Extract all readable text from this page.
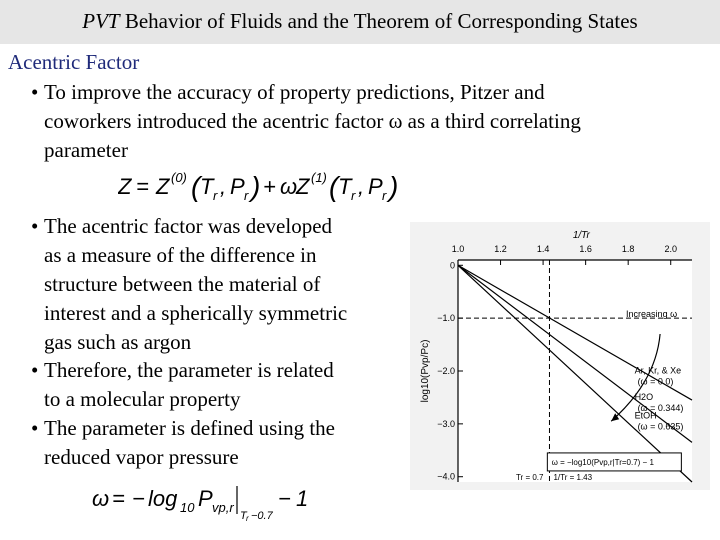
PVT Behavior of Fluids and the Theorem of Corresponding States
Acentric Factor
• To improve the accuracy of property predictions, Pitzer and
coworkers introduced the acentric factor ω as a third correlating
parameter
Z = Z (0) ( T r , P r ) + ω
Z (1) ( T r , P r )
• The acentric factor was developed
as a measure of the difference in
structure between the material of
interest and a spherically symmetric
gas such as argon
• Therefore, the parameter is related
to a molecular property
• The parameter is defined using the
reduced vapor pressure
ω = − log 10 P vp,r
T r −0.7
− 1
1.0	1.2	1.4	1.6	1.8	2.0
1/Tr
0
−1.0
−2.0
−3.0
−4.0
log10(Pvp/Pc)	Ar, Kr, & Xe
(ω = 0.0)
H2O
(ω = 0.344)
EtOH
(ω = 0.635)
Increasing ω
ω = −log10(Pvp,r|Tr=0.7) − 1
Tr = 0.7 1/Tr = 1.43
